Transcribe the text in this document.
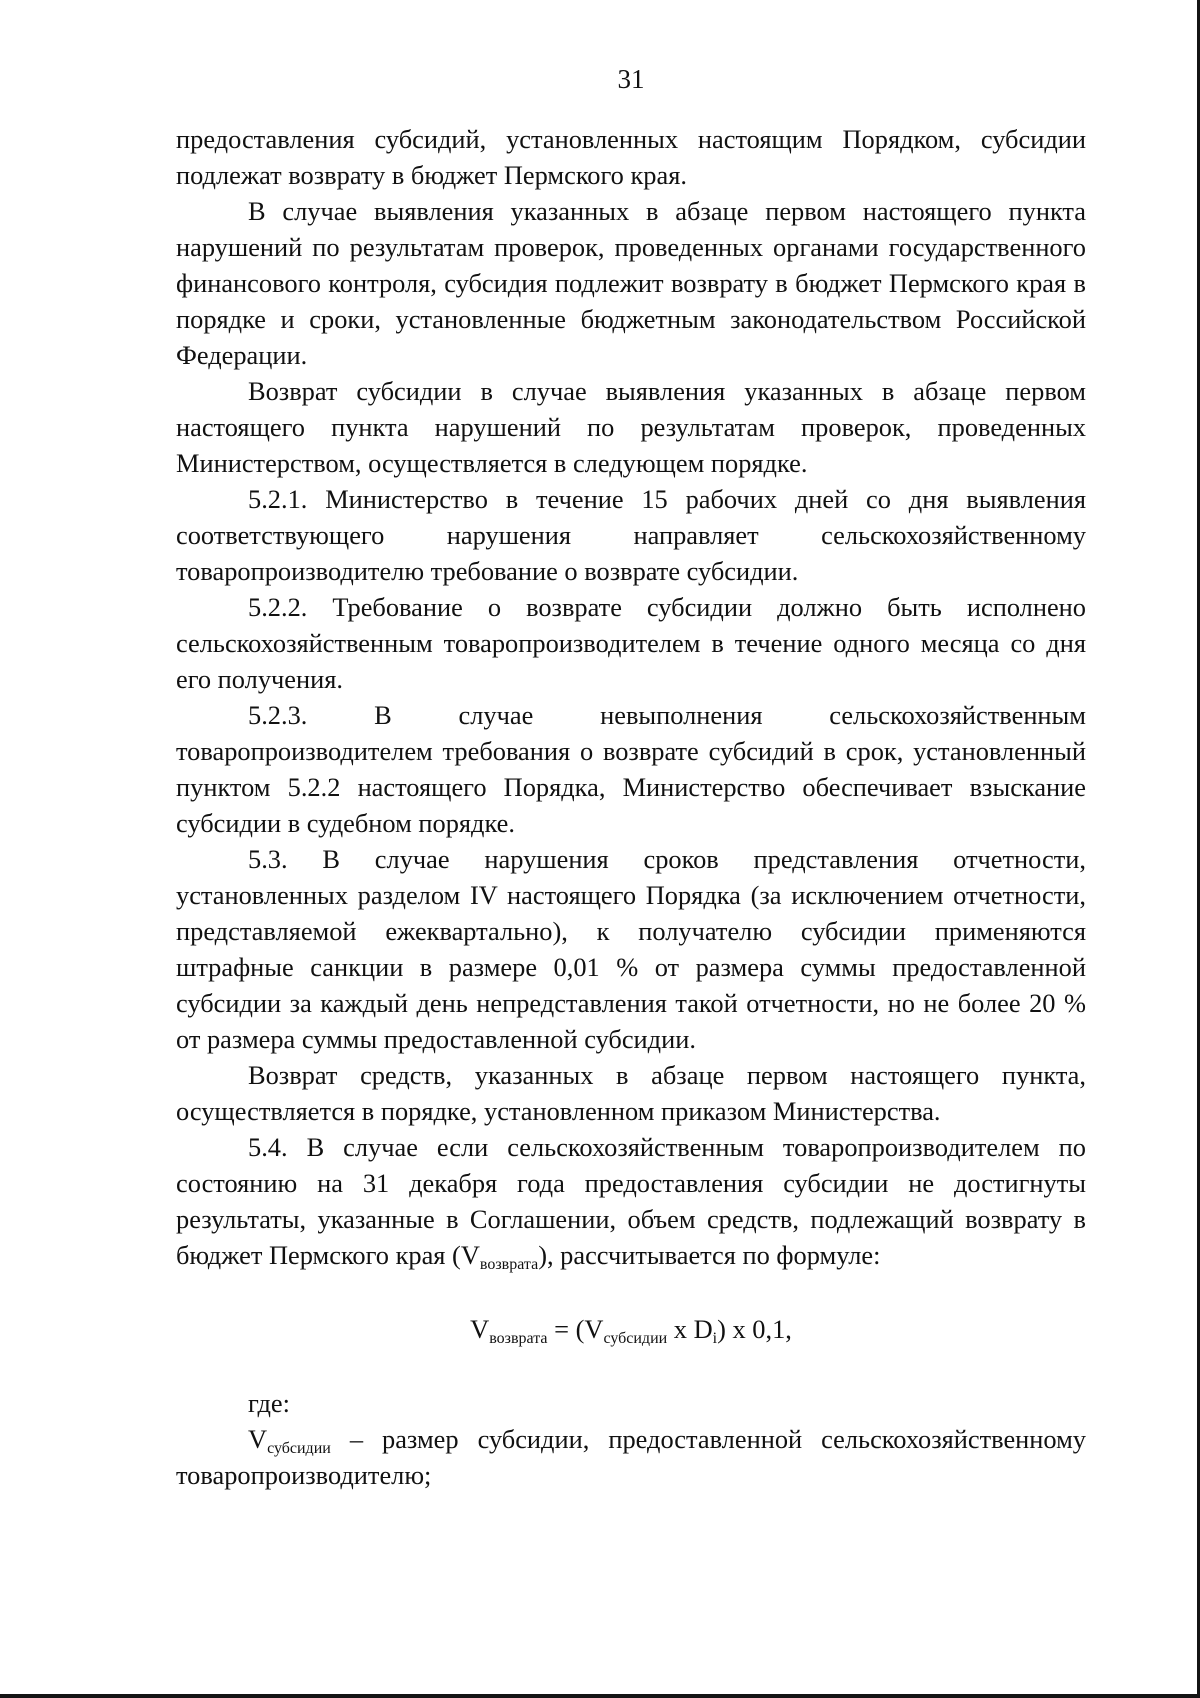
31

предоставления субсидий, установленных настоящим Порядком, субсидии подлежат возврату в бюджет Пермского края.

В случае выявления указанных в абзаце первом настоящего пункта нарушений по результатам проверок, проведенных органами государственного финансового контроля, субсидия подлежит возврату в бюджет Пермского края в порядке и сроки, установленные бюджетным законодательством Российской Федерации.

Возврат субсидии в случае выявления указанных в абзаце первом настоящего пункта нарушений по результатам проверок, проведенных Министерством, осуществляется в следующем порядке.

5.2.1. Министерство в течение 15 рабочих дней со дня выявления соответствующего нарушения направляет сельскохозяйственному товаропроизводителю требование о возврате субсидии.

5.2.2. Требование о возврате субсидии должно быть исполнено сельскохозяйственным товаропроизводителем в течение одного месяца со дня его получения.

5.2.3. В случае невыполнения сельскохозяйственным товаропроизводителем требования о возврате субсидий в срок, установленный пунктом 5.2.2 настоящего Порядка, Министерство обеспечивает взыскание субсидии в судебном порядке.

5.3. В случае нарушения сроков представления отчетности, установленных разделом IV настоящего Порядка (за исключением отчетности, представляемой ежеквартально), к получателю субсидии применяются штрафные санкции в размере 0,01 % от размера суммы предоставленной субсидии за каждый день непредставления такой отчетности, но не более 20 % от размера суммы предоставленной субсидии.

Возврат средств, указанных в абзаце первом настоящего пункта, осуществляется в порядке, установленном приказом Министерства.

5.4. В случае если сельскохозяйственным товаропроизводителем по состоянию на 31 декабря года предоставления субсидии не достигнуты результаты, указанные в Соглашении, объем средств, подлежащий возврату в бюджет Пермского края $(V_{возврата})$, рассчитывается по формуле:

$V_{возврата} = (V_{субсидии}$ x $D_i$) x 0,1,

где:

$V_{субсидии}$ – размер субсидии, предоставленной сельскохозяйственному товаропроизводителю;
